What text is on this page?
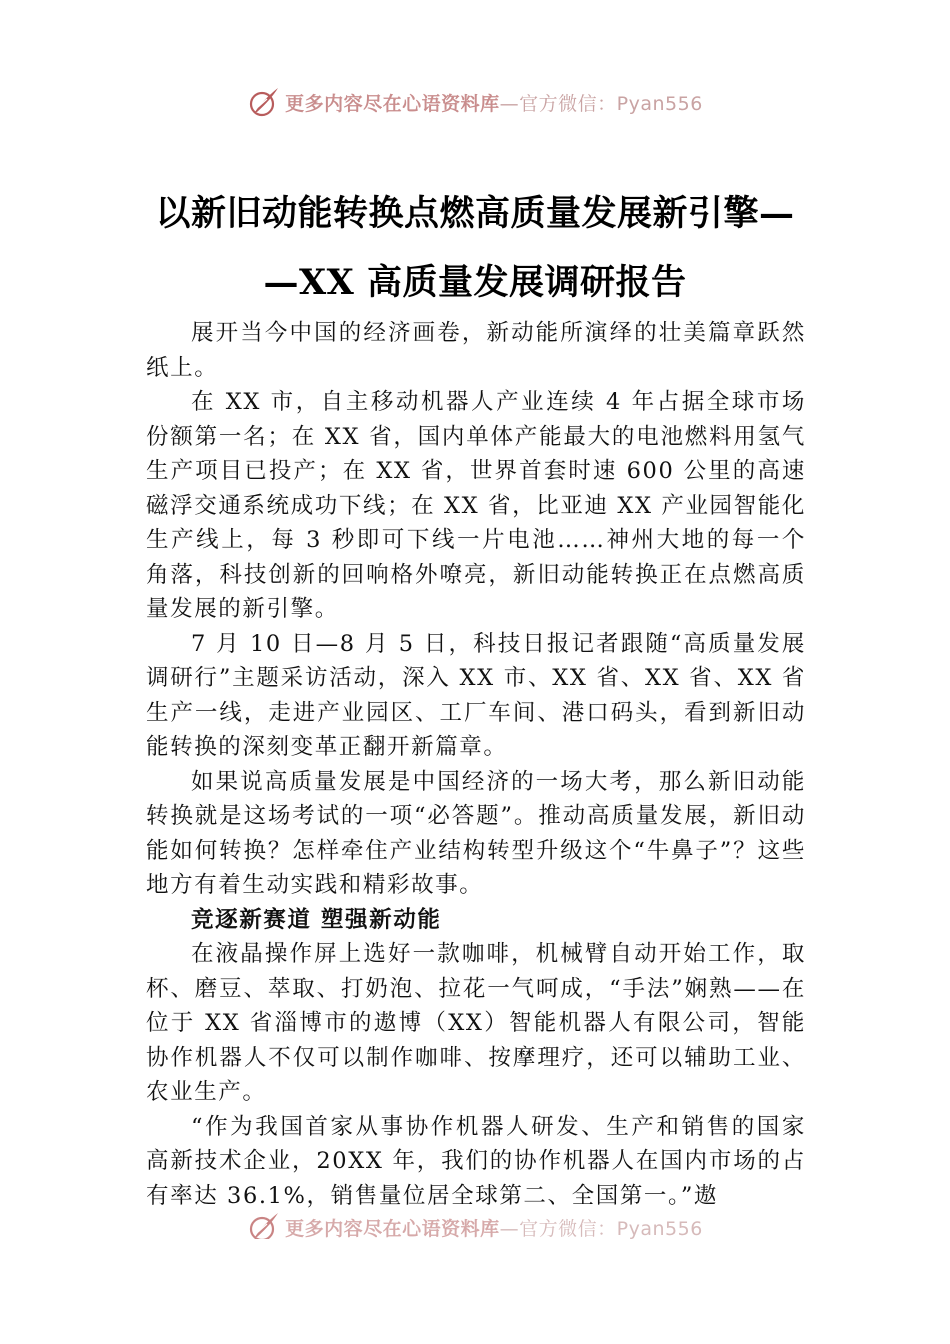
更多内容尽在心语资料库—官方微信：Pyan556
以新旧动能转换点燃高质量发展新引擎—
—XX 高质量发展调研报告

展开当今中国的经济画卷，新动能所演绎的壮美篇章跃然纸上。

在 XX 市，自主移动机器人产业连续 4 年占据全球市场份额第一名；在 XX 省，国内单体产能最大的电池燃料用氢气生产项目已投产；在 XX 省，世界首套时速 600 公里的高速磁浮交通系统成功下线；在 XX 省，比亚迪 XX 产业园智能化生产线上，每 3 秒即可下线一片电池……神州大地的每一个角落，科技创新的回响格外嘹亮，新旧动能转换正在点燃高质量发展的新引擎。

7 月 10 日—8 月 5 日，科技日报记者跟随“高质量发展调研行”主题采访活动，深入 XX 市、XX 省、XX 省、XX 省生产一线，走进产业园区、工厂车间、港口码头，看到新旧动能转换的深刻变革正翻开新篇章。

如果说高质量发展是中国经济的一场大考，那么新旧动能转换就是这场考试的一项“必答题”。推动高质量发展，新旧动能如何转换？怎样牵住产业结构转型升级这个“牛鼻子”？这些地方有着生动实践和精彩故事。

竞逐新赛道 塑强新动能

在液晶操作屏上选好一款咖啡，机械臂自动开始工作，取杯、磨豆、萃取、打奶泡、拉花一气呵成，“手法”娴熟——在位于 XX 省淄博市的遨博（XX）智能机器人有限公司，智能协作机器人不仅可以制作咖啡、按摩理疗，还可以辅助工业、农业生产。

“作为我国首家从事协作机器人研发、生产和销售的国家高新技术企业，20XX 年，我们的协作机器人在国内市场的占有率达 36.1%，销售量位居全球第二、全国第一。”遨

更多内容尽在心语资料库—官方微信：Pyan556
